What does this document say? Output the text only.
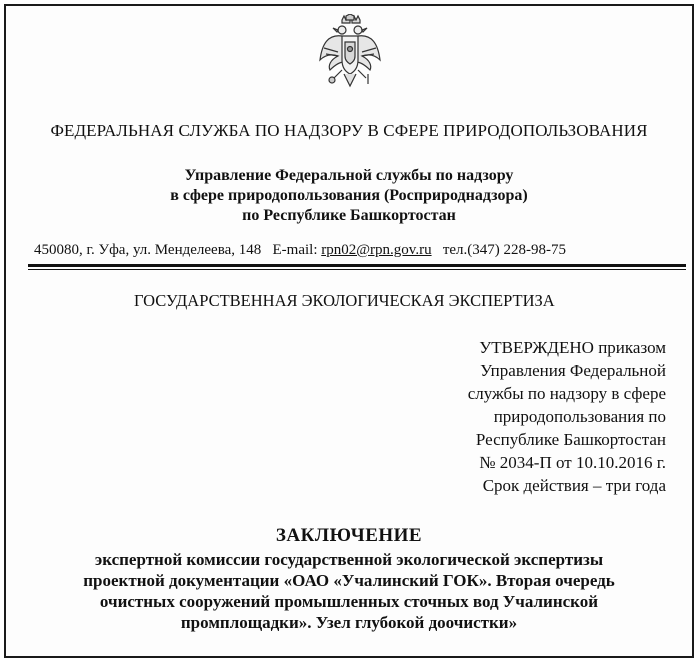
ФЕДЕРАЛЬНАЯ СЛУЖБА ПО НАДЗОРУ В СФЕРЕ ПРИРОДОПОЛЬЗОВАНИЯ
Управление Федеральной службы по надзору
в сфере природопользования (Росприроднадзора)
по Республике Башкортостан
450080, г. Уфа, ул. Менделеева, 148 E-mail: rpn02@rpn.gov.ru тел.(347) 228-98-75
ГОСУДАРСТВЕННАЯ ЭКОЛОГИЧЕСКАЯ ЭКСПЕРТИЗА
УТВЕРЖДЕНО приказом
Управления Федеральной
службы по надзору в сфере
природопользования по
Республике Башкортостан
№ 2034-П от 10.10.2016 г.
Срок действия – три года
ЗАКЛЮЧЕНИЕ
экспертной комиссии государственной экологической экспертизы
проектной документации «ОАО «Учалинский ГОК». Вторая очередь
очистных сооружений промышленных сточных вод Учалинской
промплощадки». Узел глубокой доочистки»
